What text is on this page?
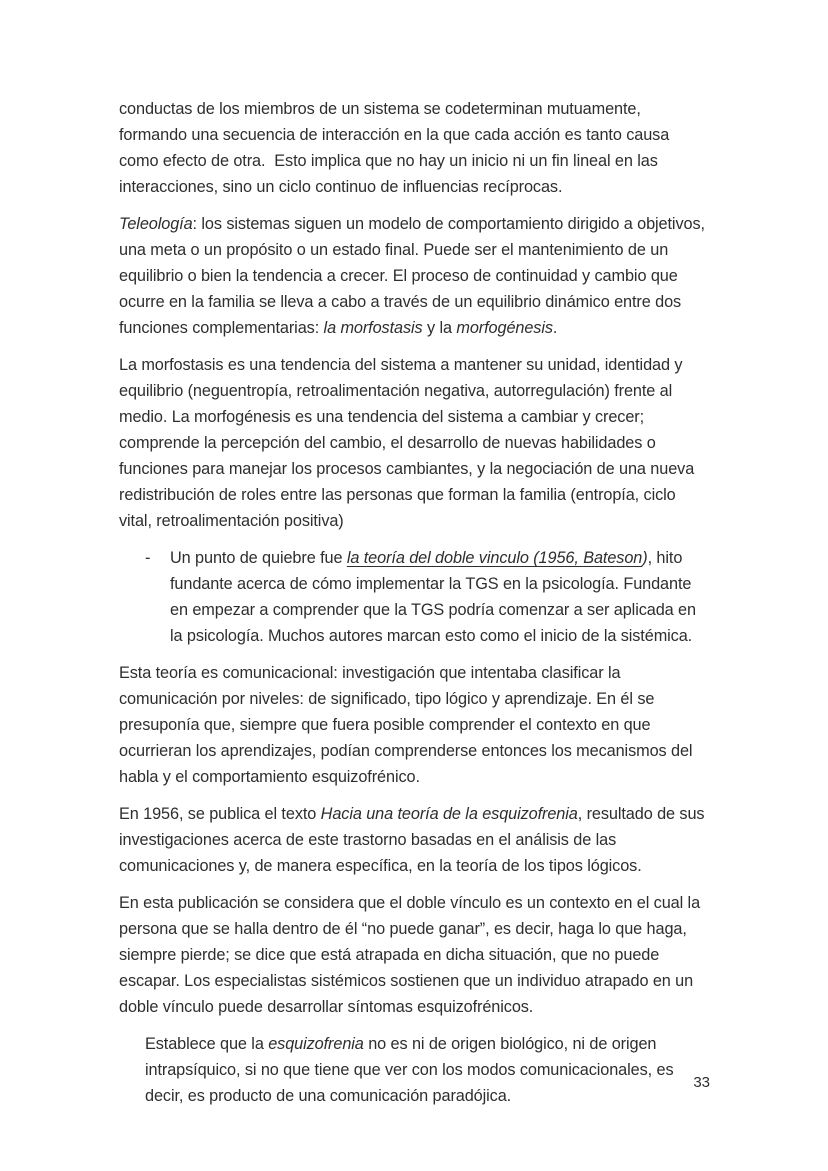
conductas de los miembros de un sistema se codeterminan mutuamente, formando una secuencia de interacción en la que cada acción es tanto causa como efecto de otra.  Esto implica que no hay un inicio ni un fin lineal en las interacciones, sino un ciclo continuo de influencias recíprocas.

Teleología: los sistemas siguen un modelo de comportamiento dirigido a objetivos, una meta o un propósito o un estado final. Puede ser el mantenimiento de un equilibrio o bien la tendencia a crecer. El proceso de continuidad y cambio que ocurre en la familia se lleva a cabo a través de un equilibrio dinámico entre dos funciones complementarias: la morfostasis y la morfogénesis.

La morfostasis es una tendencia del sistema a mantener su unidad, identidad y equilibrio (neguentropía, retroalimentación negativa, autorregulación) frente al medio. La morfogénesis es una tendencia del sistema a cambiar y crecer; comprende la percepción del cambio, el desarrollo de nuevas habilidades o funciones para manejar los procesos cambiantes, y la negociación de una nueva redistribución de roles entre las personas que forman la familia (entropía, ciclo vital, retroalimentación positiva)

-	Un punto de quiebre fue la teoría del doble vinculo (1956, Bateson), hito fundante acerca de cómo implementar la TGS en la psicología. Fundante en empezar a comprender que la TGS podría comenzar a ser aplicada en la psicología. Muchos autores marcan esto como el inicio de la sistémica.

Esta teoría es comunicacional: investigación que intentaba clasificar la comunicación por niveles: de significado, tipo lógico y aprendizaje. En él se presuponía que, siempre que fuera posible comprender el contexto en que ocurrieran los aprendizajes, podían comprenderse entonces los mecanismos del habla y el comportamiento esquizofrénico.

En 1956, se publica el texto Hacia una teoría de la esquizofrenia, resultado de sus investigaciones acerca de este trastorno basadas en el análisis de las comunicaciones y, de manera específica, en la teoría de los tipos lógicos.

En esta publicación se considera que el doble vínculo es un contexto en el cual la persona que se halla dentro de él “no puede ganar”, es decir, haga lo que haga, siempre pierde; se dice que está atrapada en dicha situación, que no puede escapar. Los especialistas sistémicos sostienen que un individuo atrapado en un doble vínculo puede desarrollar síntomas esquizofrénicos.

Establece que la esquizofrenia no es ni de origen biológico, ni de origen intrapsíquico, si no que tiene que ver con los modos comunicacionales, es decir, es producto de una comunicación paradójica.

33
